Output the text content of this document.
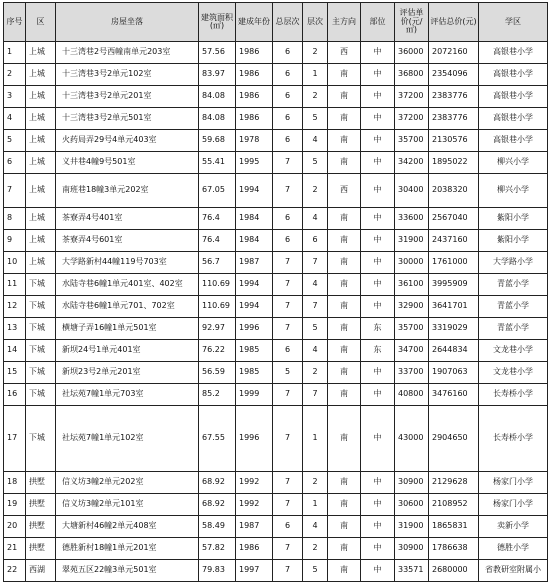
序号	区	房屋坐落	建筑面积(㎡)	建成年份	总层次	层次	主方向	部位	评估单价(元/㎡)	评估总价(元)	学区
1	上城	十三湾巷2号西幢南单元203室	57.56	1986	6	2	西	中	36000	2072160	高银巷小学
2	上城	十三湾巷3号2单元102室	83.97	1986	6	1	南	中	36800	2354096	高银巷小学
3	上城	十三湾巷3号2单元201室	84.08	1986	6	2	南	中	37200	2383776	高银巷小学
4	上城	十三湾巷3号2单元501室	84.08	1986	6	5	南	中	37200	2383776	高银巷小学
5	上城	火药局弄29号4单元403室	59.68	1978	6	4	南	中	35700	2130576	高银巷小学
6	上城	义井巷4幢9号501室	55.41	1995	7	5	南	中	34200	1895022	柳兴小学
7	上城	南班巷18幢3单元202室	67.05	1994	7	2	西	中	30400	2038320	柳兴小学
8	上城	茶寮弄4号401室	76.4	1984	6	4	南	中	33600	2567040	紫阳小学
9	上城	茶寮弄4号601室	76.4	1984	6	6	南	中	31900	2437160	紫阳小学
10	上城	大学路新村44幢119号703室	56.7	1987	7	7	南	中	30000	1761000	大学路小学
11	下城	水陆寺巷6幢1单元401室、402室	110.69	1994	7	4	南	中	36100	3995909	青蓝小学
12	下城	水陆寺巷6幢1单元701、702室	110.69	1994	7	7	南	中	32900	3641701	青蓝小学
13	下城	横塘子弄16幢1单元501室	92.97	1996	7	5	南	东	35700	3319029	青蓝小学
14	下城	新坝24号1单元401室	76.22	1985	6	4	南	东	34700	2644834	文龙巷小学
15	下城	新坝23号2单元201室	56.59	1985	5	2	南	中	33700	1907063	文龙巷小学
16	下城	社坛苑7幢1单元703室	85.2	1999	7	7	南	中	40800	3476160	长寿桥小学
17	下城	社坛苑7幢1单元102室	67.55	1996	7	1	南	中	43000	2904650	长寿桥小学
18	拱墅	信义坊3幢2单元202室	68.92	1992	7	2	南	中	30900	2129628	杨家门小学
19	拱墅	信义坊3幢2单元101室	68.92	1992	7	1	南	中	30600	2108952	杨家门小学
20	拱墅	大塘新村46幢2单元408室	58.49	1987	6	4	南	中	31900	1865831	卖新小学
21	拱墅	德胜新村18幢1单元201室	57.82	1986	7	2	南	中	30900	1786638	德胜小学
22	西湖	翠苑五区22幢3单元501室	79.83	1997	7	5	南	中	33571	2680000	省教研室附属小
